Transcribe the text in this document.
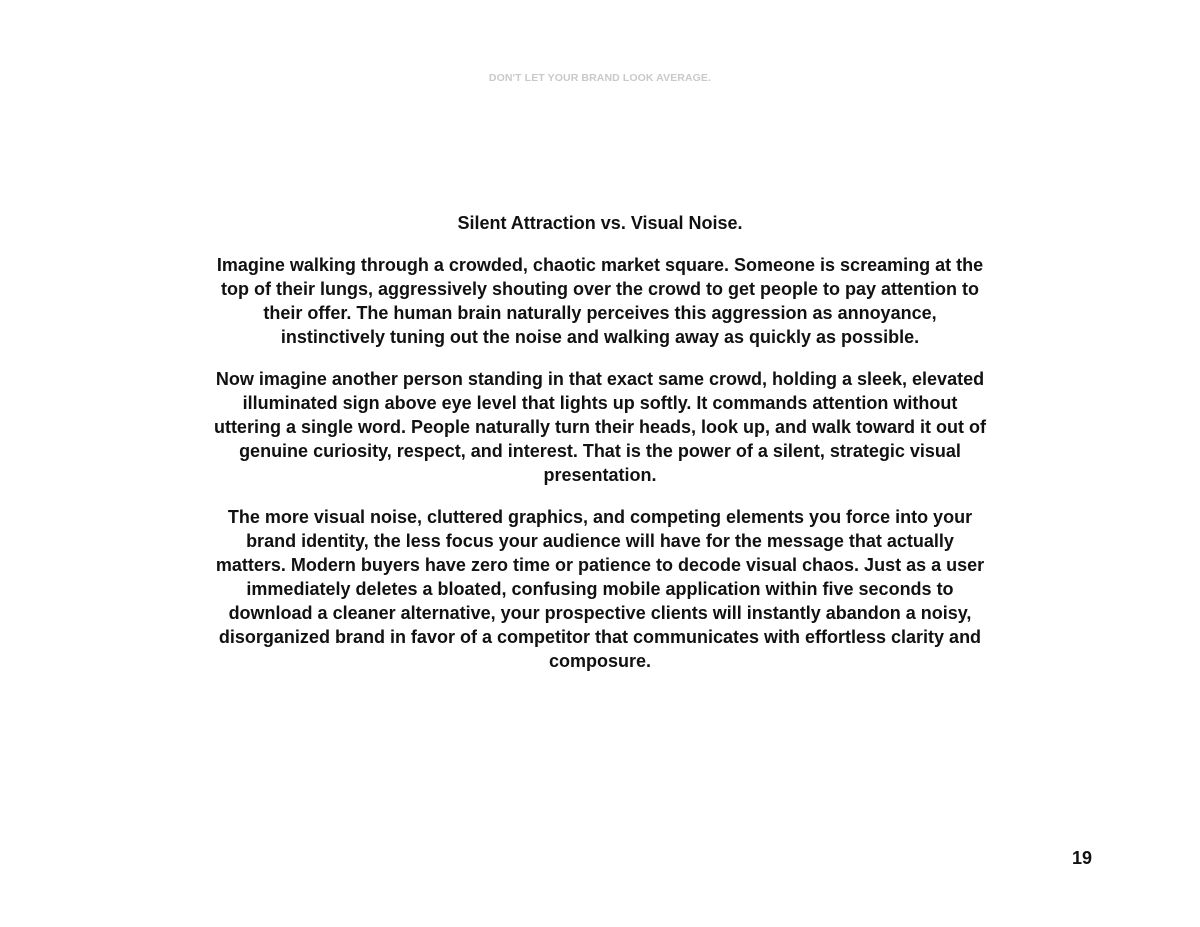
DON'T LET YOUR BRAND LOOK AVERAGE.
Silent Attraction vs. Visual Noise.

Imagine walking through a crowded, chaotic market square. Someone is screaming at the top of their lungs, aggressively shouting over the crowd to get people to pay attention to their offer. The human brain naturally perceives this aggression as annoyance, instinctively tuning out the noise and walking away as quickly as possible.

Now imagine another person standing in that exact same crowd, holding a sleek, elevated illuminated sign above eye level that lights up softly. It commands attention without uttering a single word. People naturally turn their heads, look up, and walk toward it out of genuine curiosity, respect, and interest. That is the power of a silent, strategic visual presentation.

The more visual noise, cluttered graphics, and competing elements you force into your brand identity, the less focus your audience will have for the message that actually matters. Modern buyers have zero time or patience to decode visual chaos. Just as a user immediately deletes a bloated, confusing mobile application within five seconds to download a cleaner alternative, your prospective clients will instantly abandon a noisy, disorganized brand in favor of a competitor that communicates with effortless clarity and composure.

19
